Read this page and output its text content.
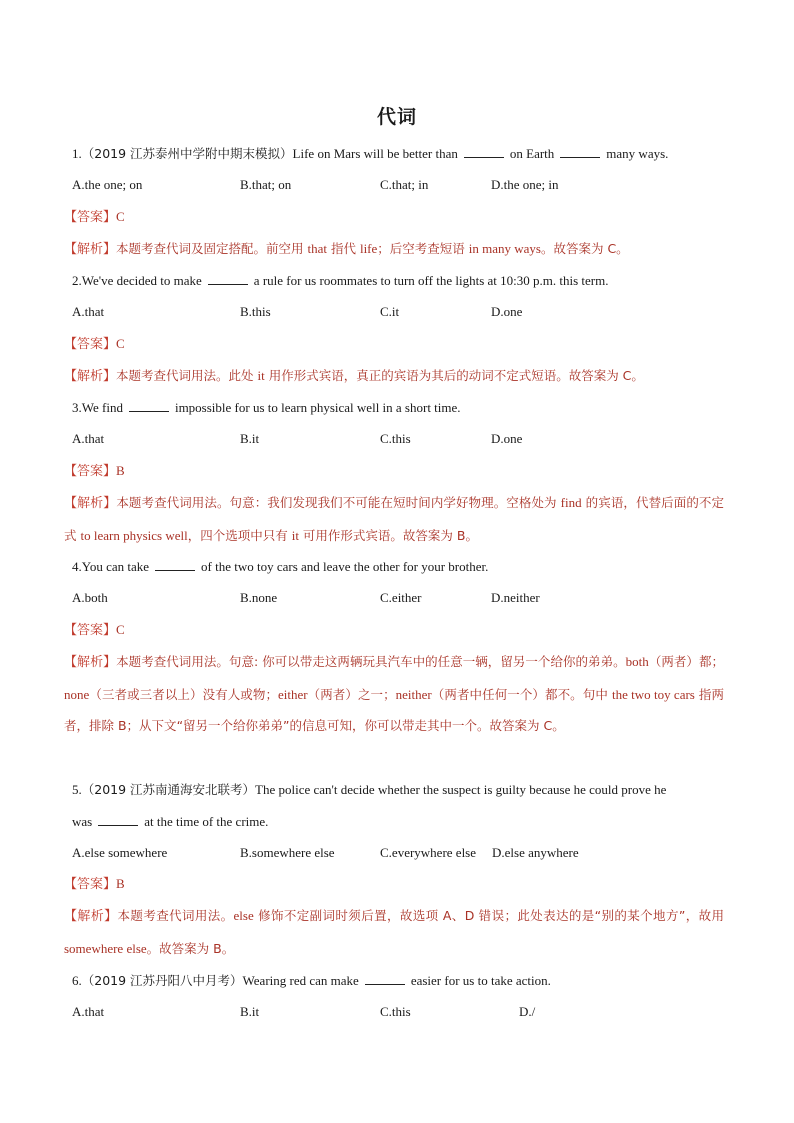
代词
1.（2019 江苏泰州中学附中期末模拟）Life on Mars will be better than	on Earth	many ways.
A.the one; on	B.that; on	C.that; in	D.the one; in
【答案】C
【解析】本题考查代词及固定搭配。前空用 that 指代 life；后空考查短语 in many ways。故答案为 C。
2.We've decided to make	a rule for us roommates to turn off the lights at 10:30 p.m. this term.
A.that	B.this	C.it	D.one
【答案】C
【解析】本题考查代词用法。此处 it 用作形式宾语，真正的宾语为其后的动词不定式短语。故答案为 C。
3.We find	impossible for us to learn physical well in a short time.
A.that	B.it	C.this	D.one
【答案】B
【解析】本题考查代词用法。句意：我们发现我们不可能在短时间内学好物理。空格处为 find 的宾语，代替后面的不定式 to learn physics well，四个选项中只有 it 可用作形式宾语。故答案为 B。
4.You can take	of the two toy cars and leave the other for your brother.
A.both	B.none	C.either	D.neither
【答案】C
【解析】本题考查代词用法。句意: 你可以带走这两辆玩具汽车中的任意一辆，留另一个给你的弟弟。both（两者）都；none（三者或三者以上）没有人或物；either（两者）之一；neither（两者中任何一个）都不。句中 the two toy cars 指两者，排除 B；从下文“留另一个给你弟弟”的信息可知，你可以带走其中一个。故答案为 C。
5.（2019 江苏南通海安北联考）The police can't decide whether the suspect is guilty because he could prove he
was	at the time of the crime.
A.else somewhere	B.somewhere else	C.everywhere else D.else anywhere
【答案】B
【解析】本题考查代词用法。else 修饰不定副词时须后置，故选项 A、D 错误；此处表达的是“别的某个地方”，故用 somewhere else。故答案为 B。
6.（2019 江苏丹阳八中月考）Wearing red can make	easier for us to take action.
A.that	B.it	C.this	D./
